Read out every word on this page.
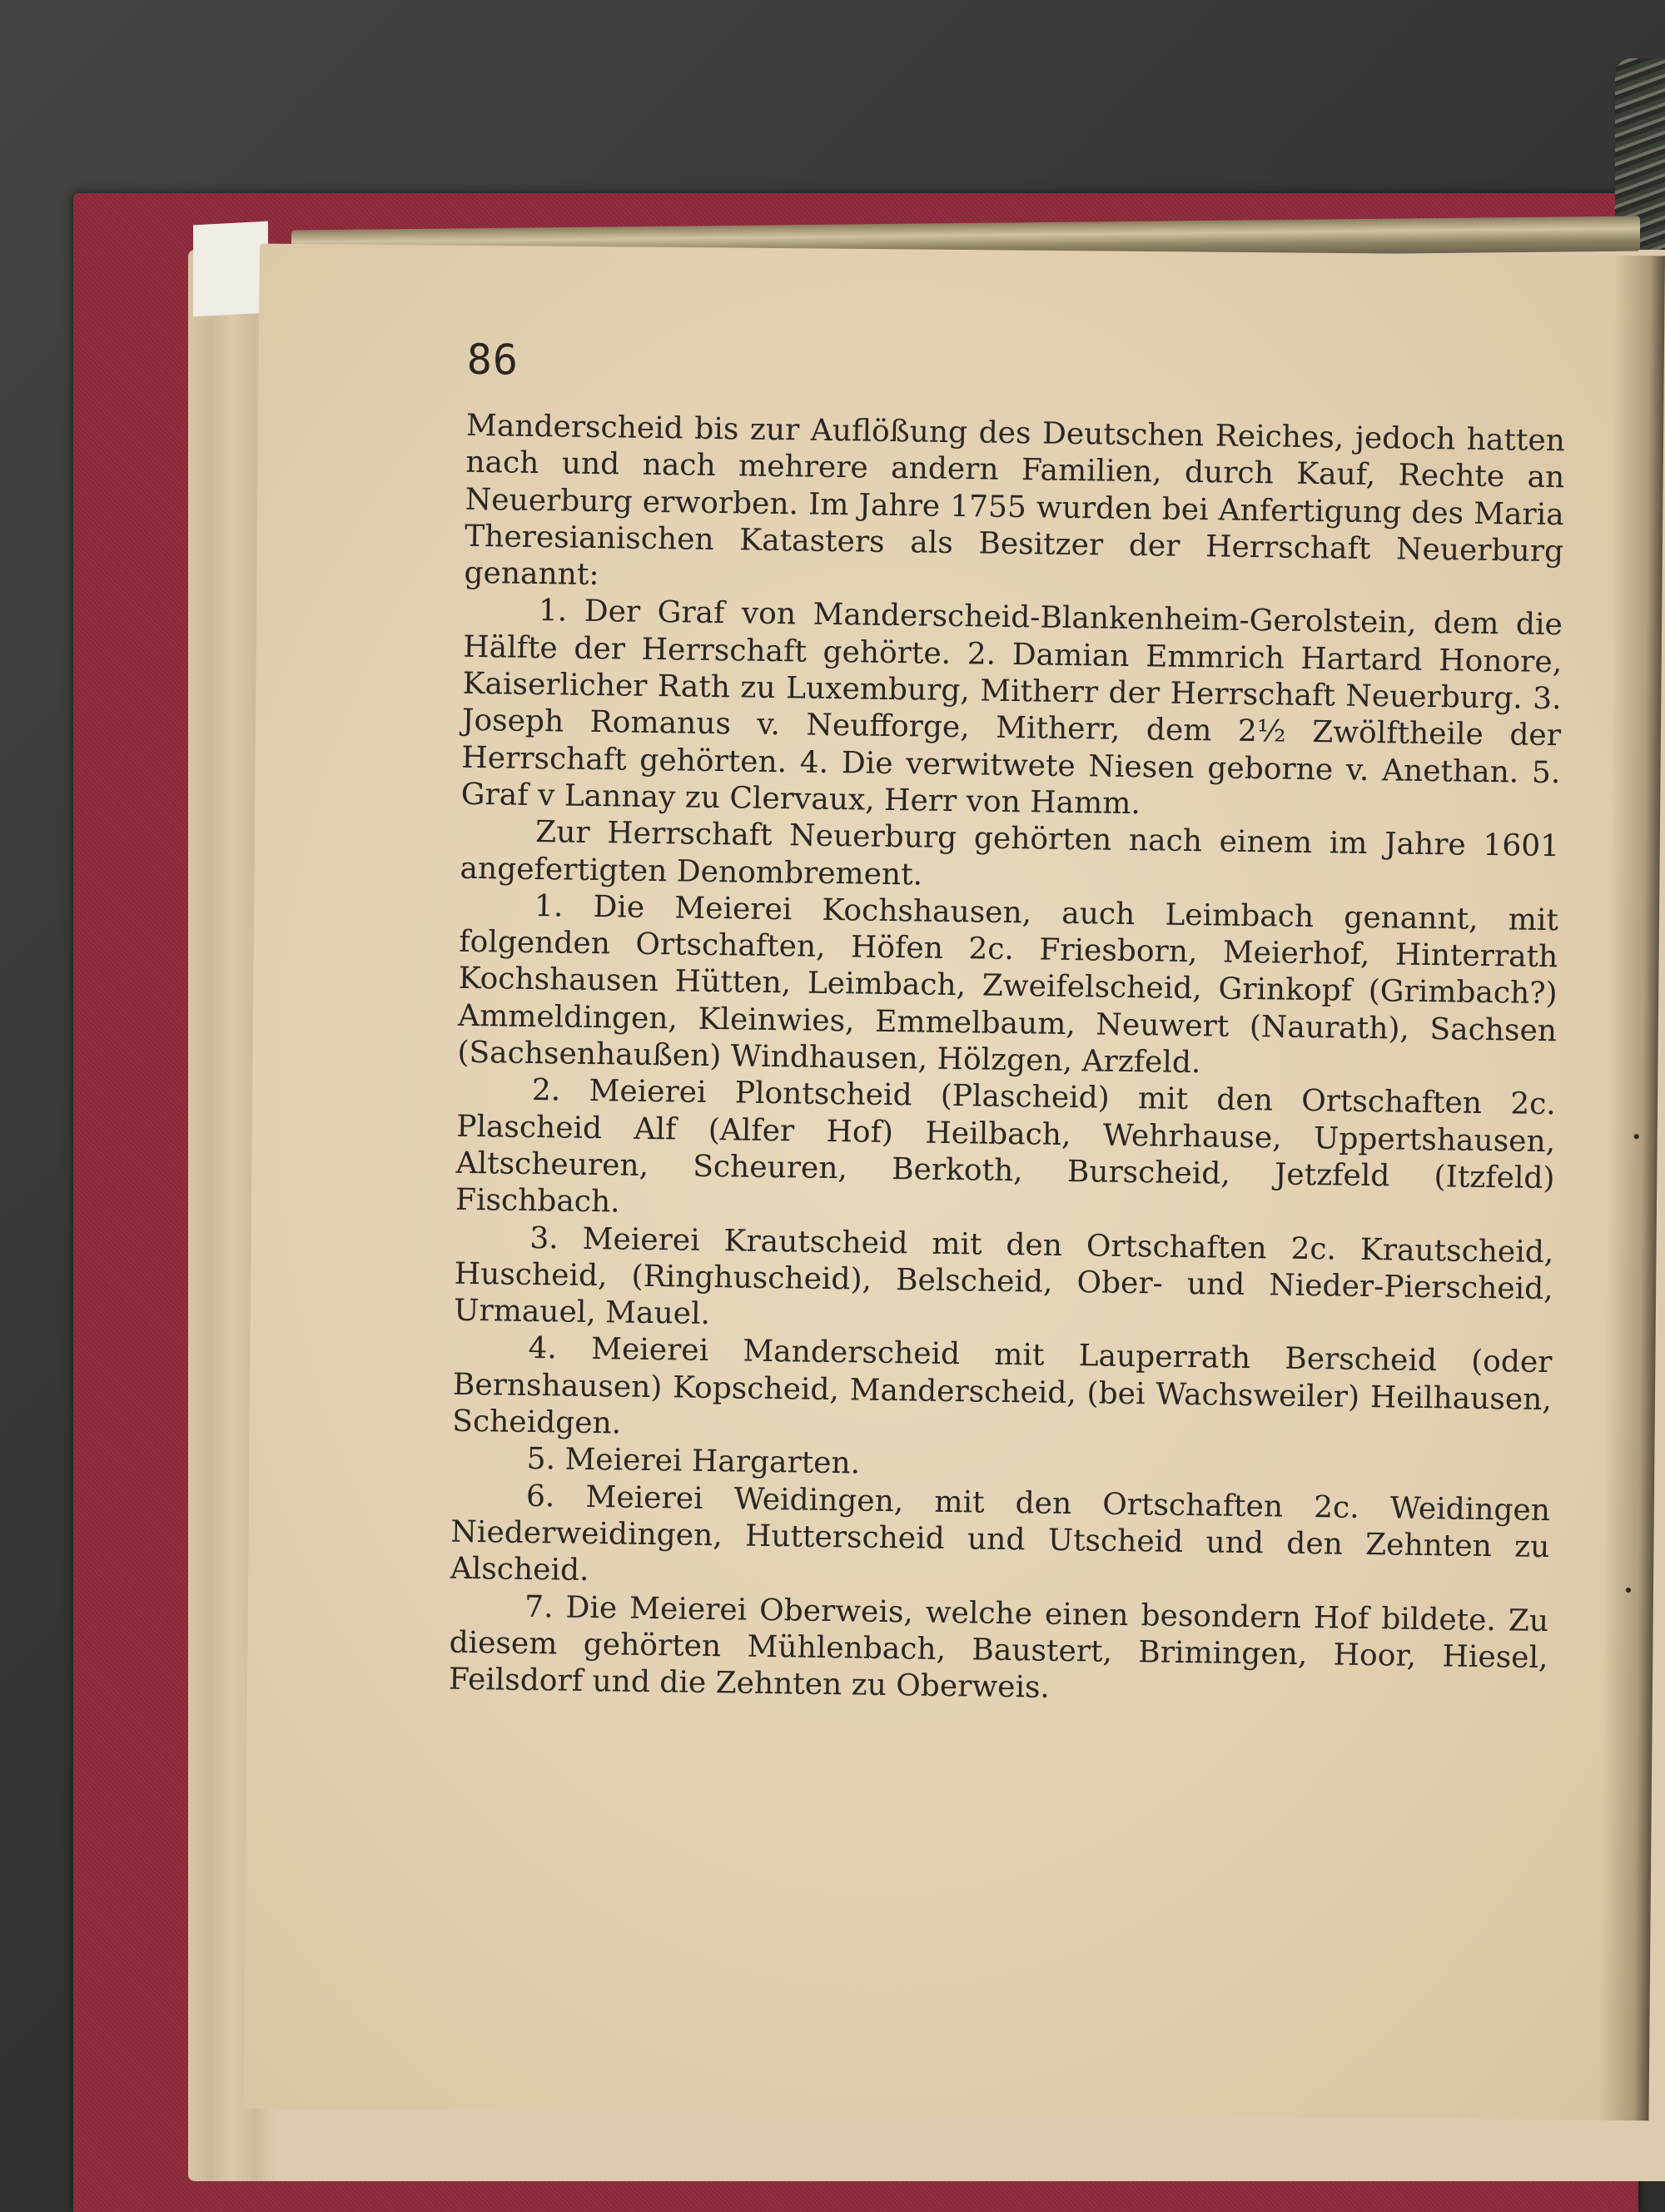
86

Manderscheid bis zur Auflößung des Deutschen Reiches, jedoch hatten nach und nach mehrere andern Familien, durch Kauf, Rechte an Neuerburg erworben. Im Jahre 1755 wurden bei Anfertigung des Maria Theresianischen Katasters als Besitzer der Herrschaft Neuerburg genannt:

1. Der Graf von Manderscheid-Blankenheim-Gerolstein, dem die Hälfte der Herrschaft gehörte. 2. Damian Emmrich Hartard Honore, Kaiserlicher Rath zu Luxemburg, Mitherr der Herrschaft Neuerburg. 3. Joseph Romanus v. Neufforge, Mitherr, dem 2½ Zwölftheile der Herrschaft gehörten. 4. Die verwitwete Niesen geborne v. Anethan. 5. Graf v Lannay zu Clervaux, Herr von Hamm.

Zur Herrschaft Neuerburg gehörten nach einem im Jahre 1601 angefertigten Denombrement.

1. Die Meierei Kochshausen, auch Leimbach genannt, mit folgenden Ortschaften, Höfen 2c. Friesborn, Meierhof, Hinterrath Kochshausen Hütten, Leimbach, Zweifelscheid, Grinkopf (Grimbach?) Ammeldingen, Kleinwies, Emmelbaum, Neuwert (Naurath), Sachsen (Sachsenhaußen) Windhausen, Hölzgen, Arzfeld.

2. Meierei Plontscheid (Plascheid) mit den Ortschaften 2c. Plascheid Alf (Alfer Hof) Heilbach, Wehrhause, Uppertshausen, Altscheuren, Scheuren, Berkoth, Burscheid, Jetzfeld (Itzfeld) Fischbach.

3. Meierei Krautscheid mit den Ortschaften 2c. Krautscheid, Huscheid, (Ringhuscheid), Belscheid, Ober- und Nieder-Pierscheid, Urmauel, Mauel.

4. Meierei Manderscheid mit Lauperrath Berscheid (oder Bernshausen) Kopscheid, Manderscheid, (bei Wachsweiler) Heilhausen, Scheidgen.

5. Meierei Hargarten.

6. Meierei Weidingen, mit den Ortschaften 2c. Weidingen Niederweidingen, Hutterscheid und Utscheid und den Zehnten zu Alscheid.

7. Die Meierei Oberweis, welche einen besondern Hof bildete. Zu diesem gehörten Mühlenbach, Baustert, Brimingen, Hoor, Hiesel, Feilsdorf und die Zehnten zu Oberweis.
